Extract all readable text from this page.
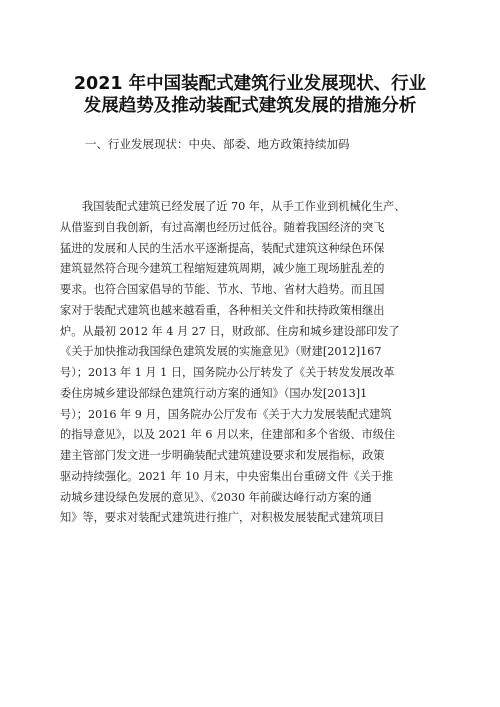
2021 年中国装配式建筑行业发展现状、行业
发展趋势及推动装配式建筑发展的措施分析
一、行业发展现状：中央、部委、地方政策持续加码
我国装配式建筑已经发展了近 70 年，从手工作业到机械化生产、
从借鉴到自我创新，有过高潮也经历过低谷。随着我国经济的突飞
猛进的发展和人民的生活水平逐渐提高，装配式建筑这种绿色环保
建筑显然符合现今建筑工程缩短建筑周期，减少施工现场脏乱差的
要求。也符合国家倡导的节能、节水、节地、省材大趋势。而且国
家对于装配式建筑也越来越看重，各种相关文件和扶持政策相继出
炉。从最初 2012 年 4 月 27 日，财政部、住房和城乡建设部印发了
《关于加快推动我国绿色建筑发展的实施意见》（财建[2012]167
号）；2013 年 1 月 1 日，国务院办公厅转发了《关于转发发展改革
委住房城乡建设部绿色建筑行动方案的通知》（国办发[2013]1
号）；2016 年 9 月，国务院办公厅发布《关于大力发展装配式建筑
的指导意见》，以及 2021 年 6 月以来，住建部和多个省级、市级住
建主管部门发文进一步明确装配式建筑建设要求和发展指标，政策
驱动持续强化。2021 年 10 月末，中央密集出台重磅文件《关于推
动城乡建设绿色发展的意见》、《2030 年前碳达峰行动方案的通
知》等，要求对装配式建筑进行推广，对积极发展装配式建筑项目
